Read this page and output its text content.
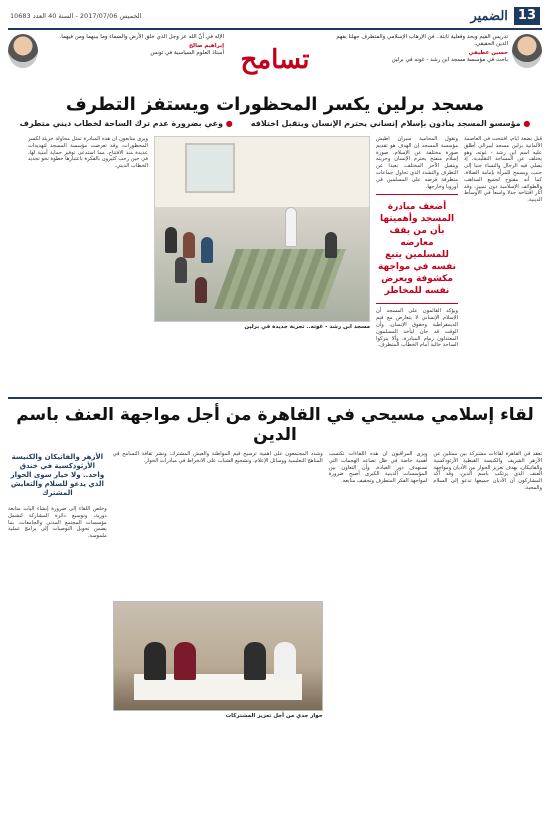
13
الضمير
الخميس 2017/07/06 - السنة 40 العدد 10683
تدريس الفيم وبحد وفعلية ثابتة.. فن الإرهاب الإسلامي والمتطرف جهلنا بفهم الدين الحقيقي.
حسين عطيفي
باحث في مؤسسة مسجد ابن رشد - غوته في برلين
تسامح
الإله في أنّ الله عز وجل الذي خلق الأرض والسماء وما بينهما ومن فيهما.
إبراهيم صالح
أستاذ العلوم السياسية في تونس
مسجد برلين يكسر المحظورات ويستفز التطرف
● مؤسسو المسجد ينادون بإسلام إنساني يحترم الإنسان ويتقبل اختلافه
● وعي بضرورة عدم ترك الساحة لخطاب ديني متطرف

قبل بضعة أيام، افتتحت في العاصمة الألمانية برلين مسجد ليبرالي أطلق عليه اسم ابن رشد - غوته، وهو يختلف عن المساجد التقليدية، إذ يصلي فيه الرجال والنساء جنبا إلى جنب، ويسمح للمرأة بإمامة الصلاة، كما أنه مفتوح لجميع المذاهب والطوائف الإسلامية دون تمييز، وقد أثار افتتاحه جدلا واسعا في الأوساط الدينية.

وتقول المحامية سيران أطيش مؤسسة المسجد إن الهدف هو تقديم صورة مختلفة عن الإسلام، صورة إسلام منفتح يحترم الإنسان وحريته ويتقبل الآخر المختلف، بعيدا عن التطرف والتشدد الذي تحاول جماعات متطرفة فرضه على المسلمين في أوروبا وخارجها.

أضعف مبادرة المسجد وأهميتها بأن من يقف معارضه للمسلمين يتبع نفسه في مواجهة مكشوفة ويعرض نفسه للمخاطر

ويؤكد القائمون على المسجد أن الإسلام الإنساني لا يتعارض مع قيم الديمقراطية وحقوق الإنسان، وأن الوقت قد حان ليأخذ المسلمون المعتدلون زمام المبادرة، وألا يتركوا الساحة خالية أمام الخطاب المتطرف.

مسجد ابن رشد - غوته.. تجربة جديدة في برلين

ويرى متابعون أن هذه المبادرة تمثل محاولة جريئة لكسر المحظورات، وقد تعرضت مؤسسة المسجد لتهديدات عديدة منذ الافتتاح، مما استدعى توفير حماية أمنية لها، في حين رحب كثيرون بالفكرة باعتبارها خطوة نحو تجديد الخطاب الديني.

لقاء إسلامي مسيحي في القاهرة من أجل مواجهة العنف باسم الدين

تعقد في القاهرة لقاءات مشتركة بين ممثلين عن الأزهر الشريف والكنيسة القبطية الأرثوذكسية والفاتيكان، بهدف تعزيز الحوار بين الأديان ومواجهة العنف الذي يرتكب باسم الدين، وقد أكد المشاركون أن الأديان جميعها تدعو إلى السلام والمحبة.

ويرى المراقبون أن هذه اللقاءات تكتسب أهمية خاصة في ظل تصاعد الهجمات التي تستهدف دور العبادة، وأن التعاون بين المؤسسات الدينية الكبرى أصبح ضرورة لمواجهة الفكر المتطرف وتجفيف منابعه.

وشدد المجتمعون على أهمية ترسيخ قيم المواطنة والعيش المشترك، ونشر ثقافة التسامح في المناهج التعليمية ووسائل الإعلام، وتشجيع الشباب على الانخراط في مبادرات الحوار.

حوار جدي من أجل تعزيز المشتركات
الأزهر والفاتيكان والكنيسة الأرثوذكسية في خندق واحد.. ولا خيار سوى الحوار الذي يدعو للسلام والتعايش المشترك

وخلص اللقاء إلى ضرورة إنشاء آليات متابعة دورية، وتوسيع دائرة المشاركة لتشمل مؤسسات المجتمع المدني والجامعات، بما يضمن تحويل التوصيات إلى برامج عملية ملموسة.
